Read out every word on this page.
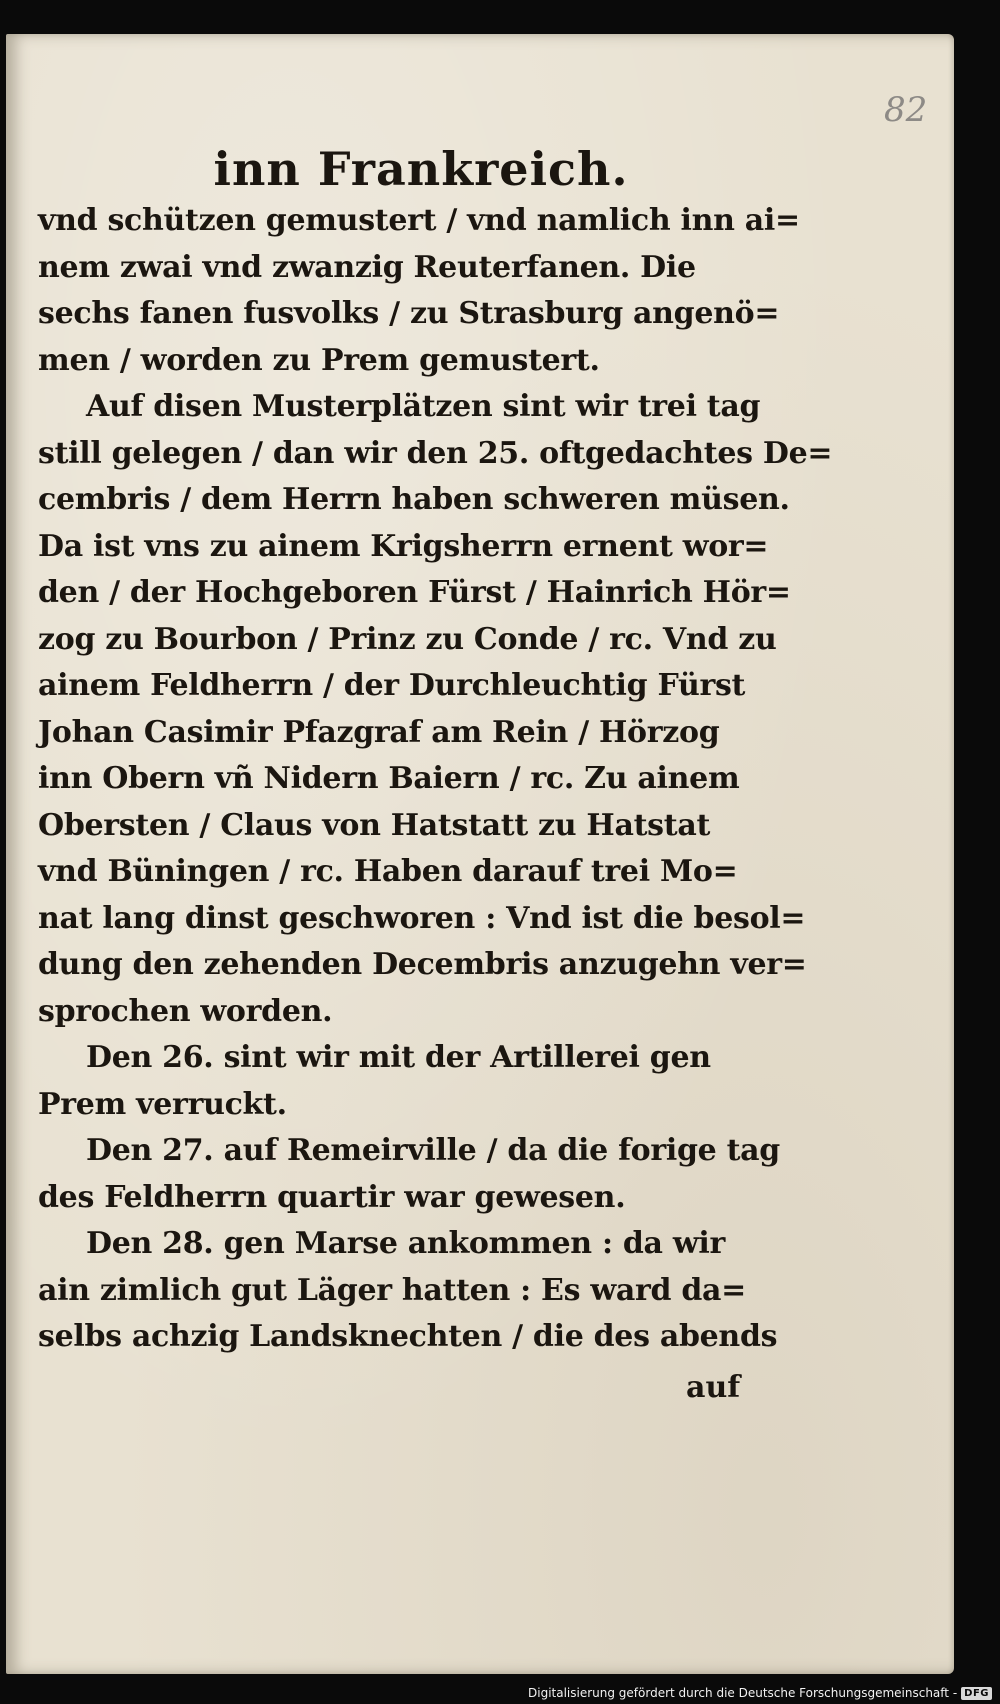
82
inn Frankreich.
vnd schützen gemustert / vnd namlich inn ai=
nem zwai vnd zwanzig Reuterfanen. Die
sechs fanen fusvolks / zu Strasburg angenö=
men / worden zu Prem gemustert.
Auf disen Musterplätzen sint wir trei tag
still gelegen / dan wir den 25. oftgedachtes De=
cembris / dem Herrn haben schweren müsen.
Da ist vns zu ainem Krigsherrn ernent wor=
den / der Hochgeboren Fürst / Hainrich Hör=
zog zu Bourbon / Prinz zu Conde / rc. Vnd zu
ainem Feldherrn / der Durchleuchtig Fürst
Johan Casimir Pfazgraf am Rein / Hörzog
inn Obern vñ Nidern Baiern / rc. Zu ainem
Obersten / Claus von Hatstatt zu Hatstat
vnd Büningen / rc. Haben darauf trei Mo=
nat lang dinst geschworen : Vnd ist die besol=
dung den zehenden Decembris anzugehn ver=
sprochen worden.
Den 26. sint wir mit der Artillerei gen
Prem verruckt.
Den 27. auf Remeirville / da die forige tag
des Feldherrn quartir war gewesen.
Den 28. gen Marse ankommen : da wir
ain zimlich gut Läger hatten : Es ward da=
selbs achzig Landsknechten / die des abends
auf
Digitalisierung gefördert durch die Deutsche Forschungsgemeinschaft - DFG
